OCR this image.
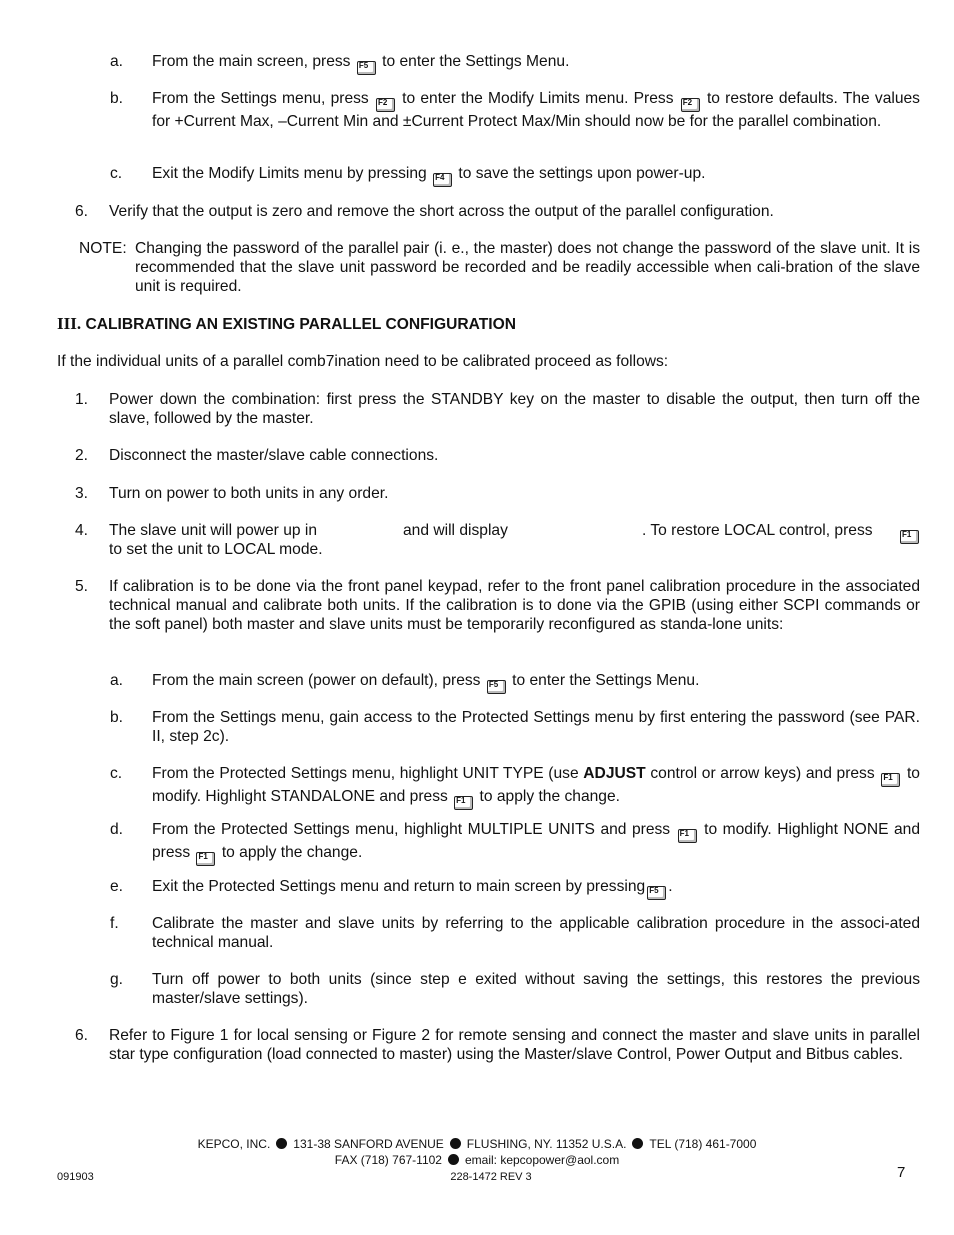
a. From the main screen, press F5 to enter the Settings Menu.
b. From the Settings menu, press F2 to enter the Modify Limits menu. Press F2 to restore defaults. The values for +Current Max, –Current Min and ±Current Protect Max/Min should now be for the parallel combination.
c. Exit the Modify Limits menu by pressing F4 to save the settings upon power-up.
6. Verify that the output is zero and remove the short across the output of the parallel configuration.
NOTE: Changing the password of the parallel pair (i. e., the master) does not change the password of the slave unit. It is recommended that the slave unit password be recorded and be readily accessible when cali-bration of the slave unit is required.
III. CALIBRATING AN EXISTING PARALLEL CONFIGURATION
If the individual units of a parallel comb7ination need to be calibrated proceed as follows:
1. Power down the combination: first press the STANDBY key on the master to disable the output, then turn off the slave, followed by the master.
2. Disconnect the master/slave cable connections.
3. Turn on power to both units in any order.
4. The slave unit will power up in	and will display	. To restore LOCAL control, press	F1
to set the unit to LOCAL mode.
5. If calibration is to be done via the front panel keypad, refer to the front panel calibration procedure in the associated technical manual and calibrate both units. If the calibration is to done via the GPIB (using either SCPI commands or the soft panel) both master and slave units must be temporarily reconfigured as standa-lone units:
a. From the main screen (power on default), press F5 to enter the Settings Menu.
b. From the Settings menu, gain access to the Protected Settings menu by first entering the password (see PAR. II, step 2c).
c. From the Protected Settings menu, highlight UNIT TYPE (use ADJUST control or arrow keys) and press F1 to modify. Highlight STANDALONE and press F1 to apply the change.
d. From the Protected Settings menu, highlight MULTIPLE UNITS and press F1 to modify. Highlight NONE and press F1 to apply the change.
e. Exit the Protected Settings menu and return to main screen by pressing F5 .
f. Calibrate the master and slave units by referring to the applicable calibration procedure in the associ-ated technical manual.
g. Turn off power to both units (since step e exited without saving the settings, this restores the previous master/slave settings).
6. Refer to Figure 1 for local sensing or Figure 2 for remote sensing and connect the master and slave units in parallel star type configuration (load connected to master) using the Master/slave Control, Power Output and Bitbus cables.
KEPCO, INC. 131-38 SANFORD AVENUE FLUSHING, NY. 11352 U.S.A. TEL (718) 461-7000
FAX (718) 767-1102 email: kepcopower@aol.com
091903	228-1472 REV 3	7
